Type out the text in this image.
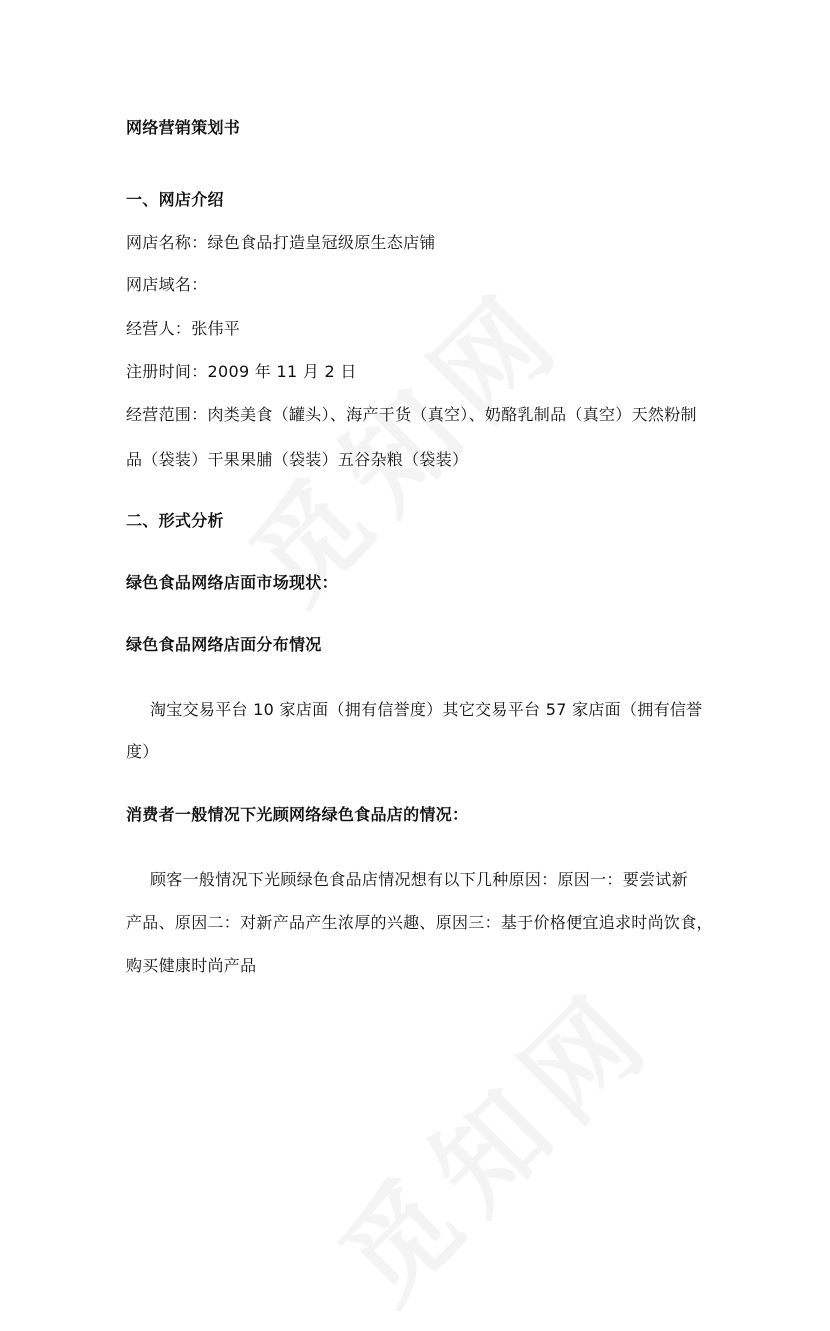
网络营销策划书
一、网店介绍
网店名称：绿色食品打造皇冠级原生态店铺
网店域名：
经营人：张伟平
注册时间：2009 年 11 月 2 日
经营范围：肉类美食（罐头）、海产干货（真空）、奶酪乳制品（真空）天然粉制
品（袋装）干果果脯（袋装）五谷杂粮（袋装）
二、形式分析
绿色食品网络店面市场现状：
绿色食品网络店面分布情况
淘宝交易平台 10 家店面（拥有信誉度）其它交易平台 57 家店面（拥有信誉
度）
消费者一般情况下光顾网络绿色食品店的情况：
顾客一般情况下光顾绿色食品店情况想有以下几种原因：原因一：要尝试新
产品、原因二：对新产品产生浓厚的兴趣、原因三：基于价格便宜追求时尚饮食，
购买健康时尚产品
